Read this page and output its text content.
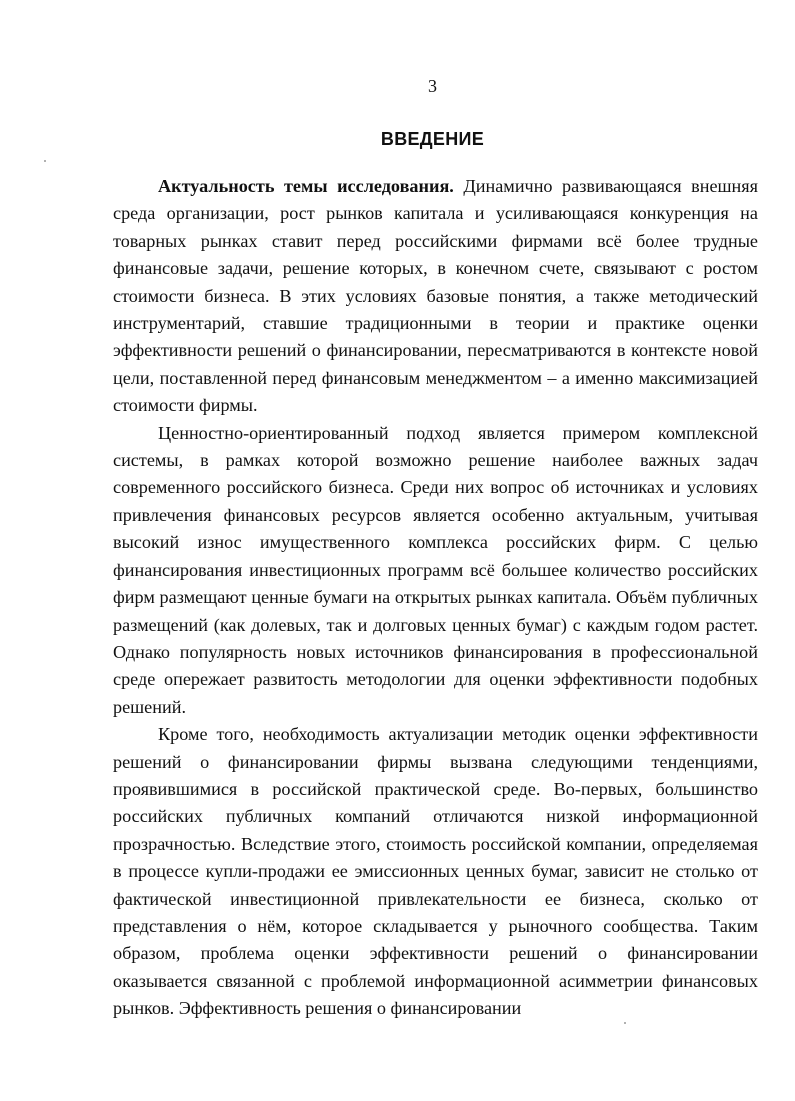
3
ВВЕДЕНИЕ

Актуальность темы исследования. Динамично развивающаяся внешняя среда организации, рост рынков капитала и усиливающаяся конкуренция на товарных рынках ставит перед российскими фирмами всё более трудные финансовые задачи, решение которых, в конечном счете, связывают с ростом стоимости бизнеса. В этих условиях базовые понятия, а также методический инструментарий, ставшие традиционными в теории и практике оценки эффективности решений о финансировании, пересматриваются в контексте новой цели, поставленной перед финансовым менеджментом – а именно максимизацией стоимости фирмы.

Ценностно-ориентированный подход является примером комплексной системы, в рамках которой возможно решение наиболее важных задач современного российского бизнеса. Среди них вопрос об источниках и условиях привлечения финансовых ресурсов является особенно актуальным, учитывая высокий износ имущественного комплекса российских фирм. С целью финансирования инвестиционных программ всё большее количество российских фирм размещают ценные бумаги на открытых рынках капитала. Объём публичных размещений (как долевых, так и долговых ценных бумаг) с каждым годом растет. Однако популярность новых источников финансирования в профессиональной среде опережает развитость методологии для оценки эффективности подобных решений.

Кроме того, необходимость актуализации методик оценки эффективности решений о финансировании фирмы вызвана следующими тенденциями, проявившимися в российской практической среде. Во-первых, большинство российских публичных компаний отличаются низкой информационной прозрачностью. Вследствие этого, стоимость российской компании, определяемая в процессе купли-продажи ее эмиссионных ценных бумаг, зависит не столько от фактической инвестиционной привлекательности ее бизнеса, сколько от представления о нём, которое складывается у рыночного сообщества. Таким образом, проблема оценки эффективности решений о финансировании оказывается связанной с проблемой информационной асимметрии финансовых рынков. Эффективность решения о финансировании
